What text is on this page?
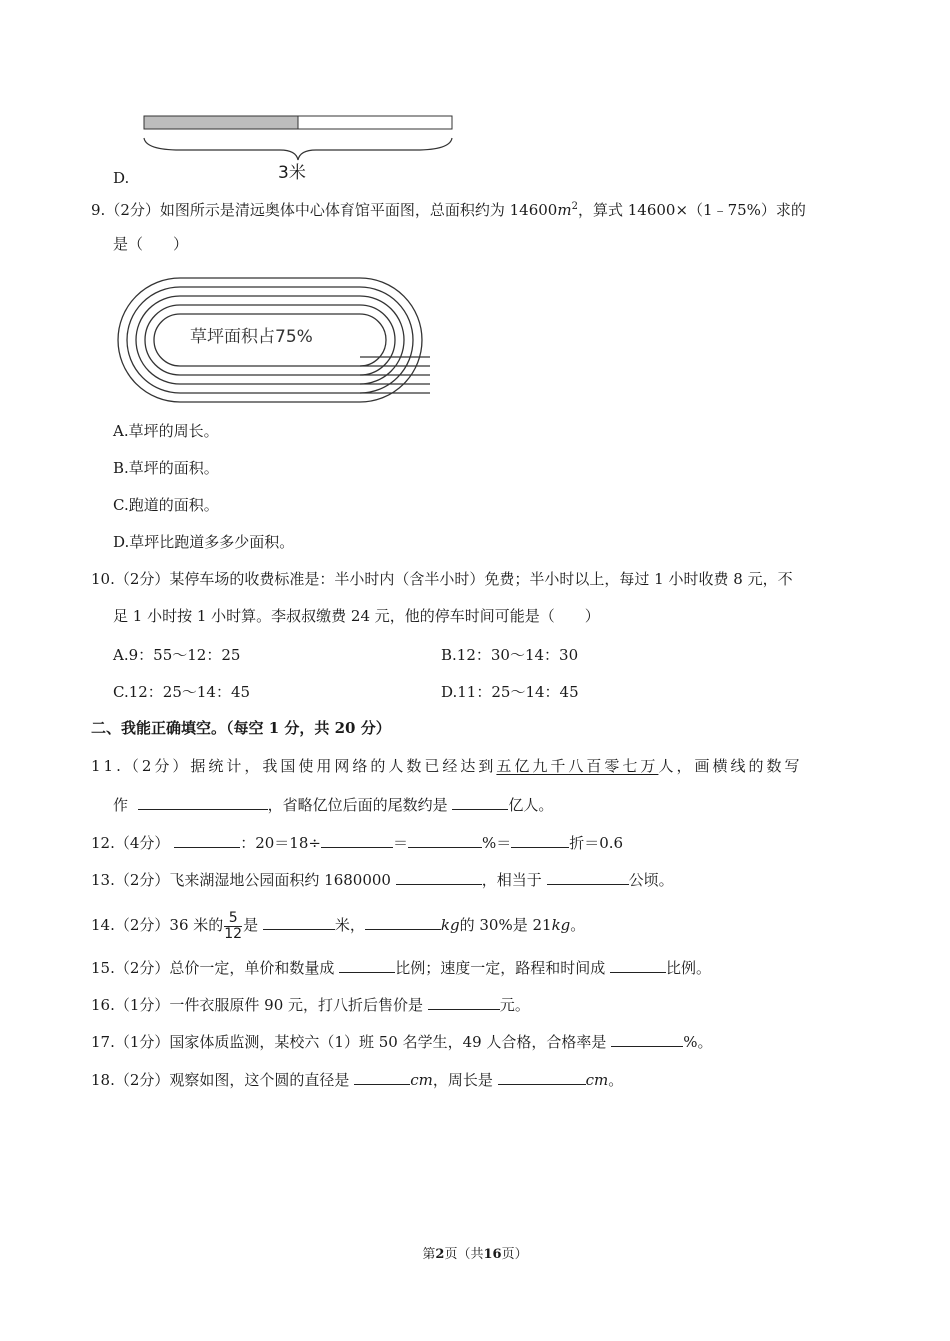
3米
D.
9.（2分）如图所示是清远奥体中心体育馆平面图，总面积约为 $14600m^2$，算式 14600×（1﹣75%）求的
是（　　）
草坪面积占75%
A.草坪的周长。
B.草坪的面积。
C.跑道的面积。
D.草坪比跑道多多少面积。
10.（2分）某停车场的收费标准是：半小时内（含半小时）免费；半小时以上，每过 1 小时收费 8 元，不
足 1 小时按 1 小时算。李叔叔缴费 24 元，他的停车时间可能是（　　）
A.9：55～12：25	B.12：30～14：30
C.12：25～14：45	D.11：25～14：45
二、我能正确填空。（每空 1 分，共 20 分）
11.（2分）据统计，我国使用网络的人数已经达到五亿九千八百零七万人，画横线的数写
作	，省略亿位后面的尾数约是	亿人。
12.（4分）	：20＝18÷	＝	%＝	折＝0.6
13.（2分）飞来湖湿地公园面积约 1680000	，相当于	公顷。
14.（2分）36 米的 $\frac{5}{12}$ 是	米，	kg的 30%是 21kg。
15.（2分）总价一定，单价和数量成	比例；速度一定，路程和时间成	比例。
16.（1分）一件衣服原件 90 元，打八折后售价是	元。
17.（1分）国家体质监测，某校六（1）班 50 名学生，49 人合格，合格率是	%。
18.（2分）观察如图，这个圆的直径是	cm，周长是	cm。
第2页（共16页）
